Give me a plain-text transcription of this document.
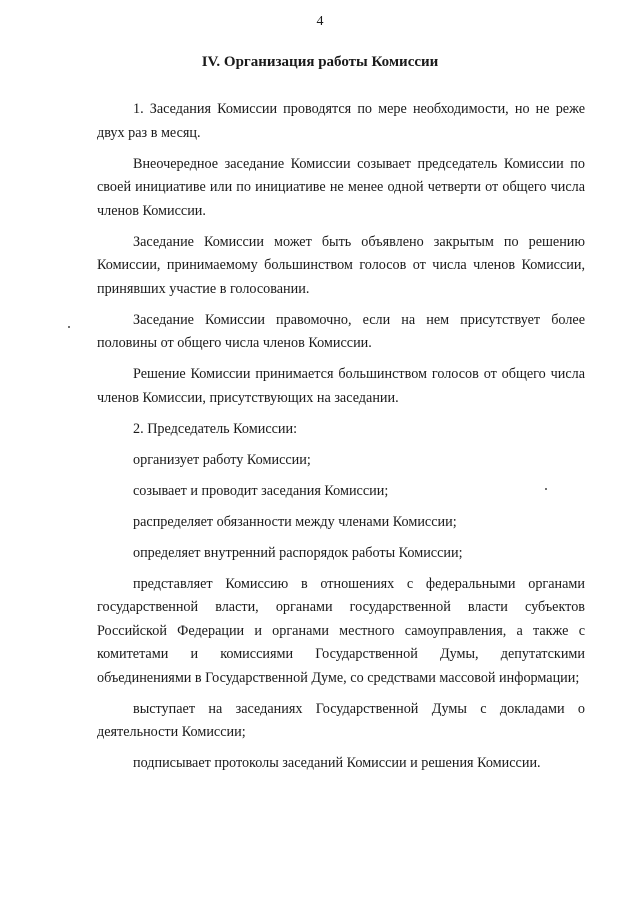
4
IV. Организация работы Комиссии

1. Заседания Комиссии проводятся по мере необходимости, но не реже двух раз в месяц.

Внеочередное заседание Комиссии созывает председатель Комиссии по своей инициативе или по инициативе не менее одной четверти от общего числа членов Комиссии.

Заседание Комиссии может быть объявлено закрытым по решению Комиссии, принимаемому большинством голосов от числа членов Комиссии, принявших участие в голосовании.

Заседание Комиссии правомочно, если на нем присутствует более половины от общего числа членов Комиссии.

Решение Комиссии принимается большинством голосов от общего числа членов Комиссии, присутствующих на заседании.

2. Председатель Комиссии:

организует работу Комиссии;

созывает и проводит заседания Комиссии;

распределяет обязанности между членами Комиссии;

определяет внутренний распорядок работы Комиссии;

представляет Комиссию в отношениях с федеральными органами государственной власти, органами государственной власти субъектов Российской Федерации и органами местного самоуправления, а также с комитетами и комиссиями Государственной Думы, депутатскими объединениями в Государственной Думе, со средствами массовой информации;

выступает на заседаниях Государственной Думы с докладами о деятельности Комиссии;

подписывает протоколы заседаний Комиссии и решения Комиссии.
